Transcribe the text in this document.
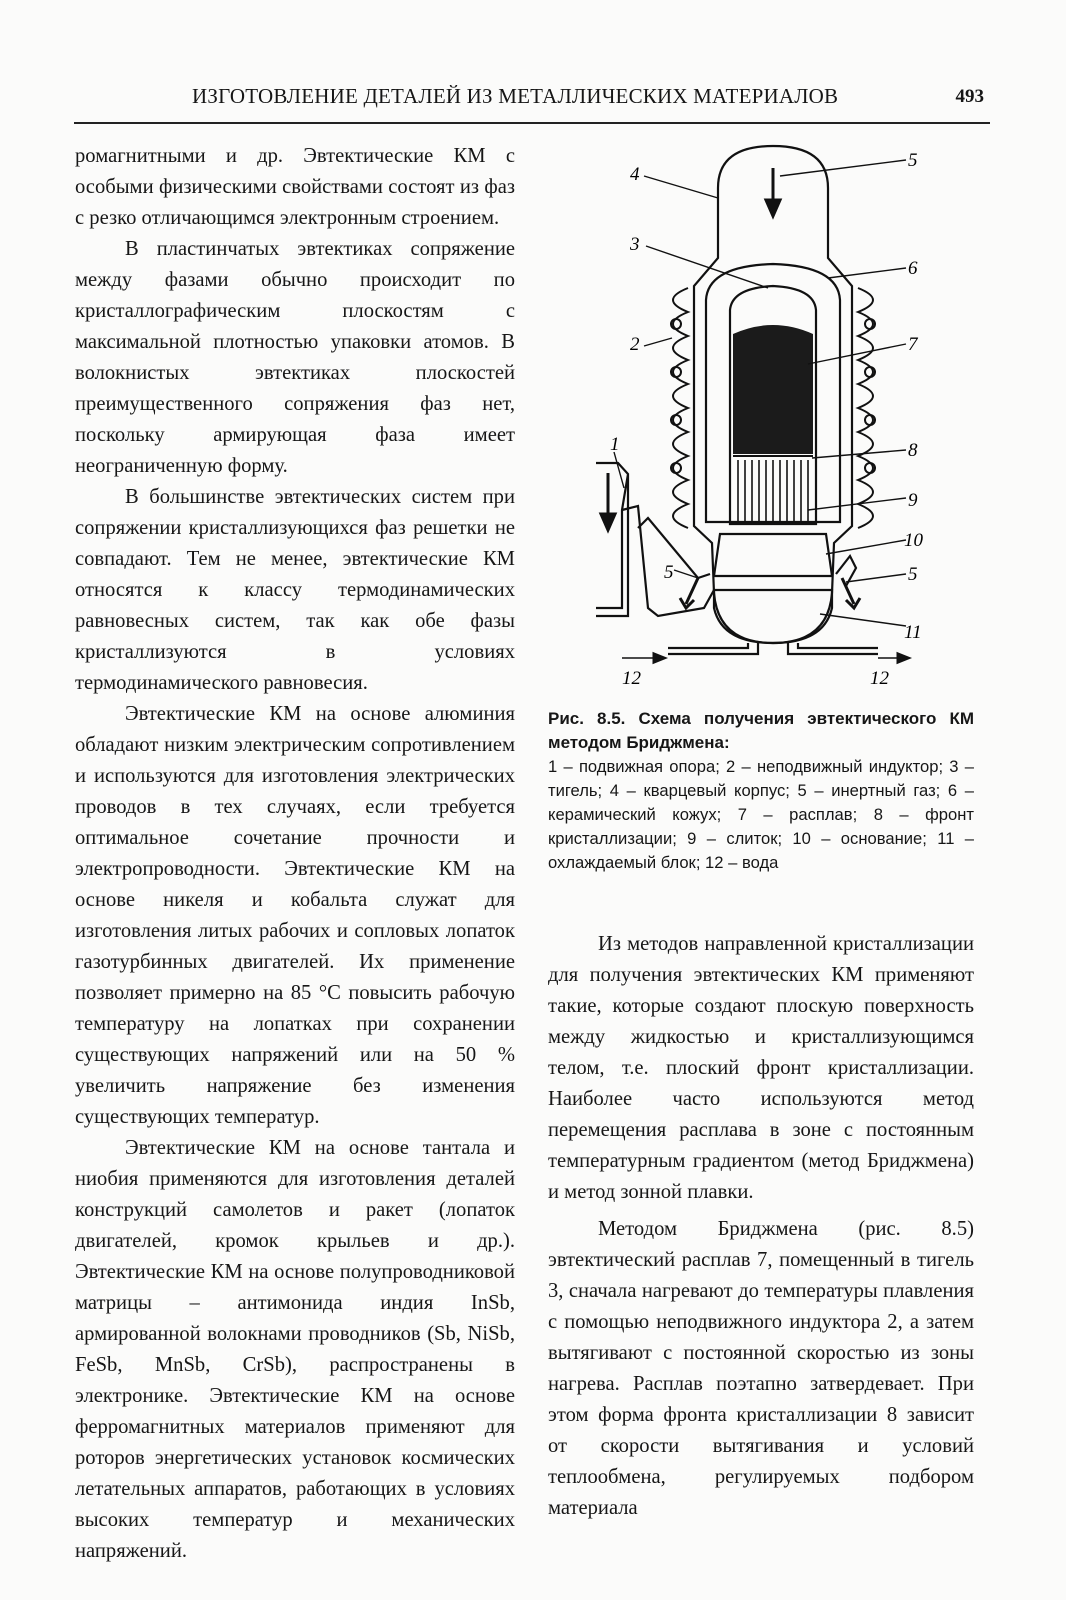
ИЗГОТОВЛЕНИЕ ДЕТАЛЕЙ ИЗ МЕТАЛЛИЧЕСКИХ МАТЕРИАЛОВ	493

ромагнитными и др. Эвтектические КМ с особыми физическими свойствами состоят из фаз с резко отличающимся электронным строением.

В пластинчатых эвтектиках сопряжение между фазами обычно происходит по кристаллографическим плоскостям с максимальной плотностью упаковки атомов. В волокнистых эвтектиках плоскостей преимущественного сопряжения фаз нет, поскольку армирующая фаза имеет неограниченную форму.

В большинстве эвтектических систем при сопряжении кристаллизующихся фаз решетки не совпадают. Тем не менее, эвтектические КМ относятся к классу термодинамических равновесных систем, так как обе фазы кристаллизуются в условиях термодинамического равновесия.

Эвтектические КМ на основе алюминия обладают низким электрическим сопротивлением и используются для изготовления электрических проводов в тех случаях, если требуется оптимальное сочетание прочности и электропроводности. Эвтектические КМ на основе никеля и кобальта служат для изготовления литых рабочих и сопловых лопаток газотурбинных двигателей. Их применение позволяет примерно на 85 °С повысить рабочую температуру на лопатках при сохранении существующих напряжений или на 50 % увеличить напряжение без изменения существующих температур.

Эвтектические КМ на основе тантала и ниобия применяются для изготовления деталей конструкций самолетов и ракет (лопаток двигателей, кромок крыльев и др.). Эвтектические КМ на основе полупроводниковой матрицы – антимонида индия InSb, армированной волокнами проводников (Sb, NiSb, FeSb, MnSb, CrSb), распространены в электронике. Эвтектические КМ на основе ферромагнитных материалов применяют для роторов энергетических установок космических летательных аппаратов, работающих в условиях высоких температур и механических напряжений.

4
5
3
6
2	7
1	8
9
10
5	5
11
12	12
Рис. 8.5. Схема получения эвтектического КМ методом Бриджмена:
1 – подвижная опора; 2 – неподвижный индуктор; 3 – тигель; 4 – кварцевый корпус; 5 – инертный газ; 6 – керамический кожух; 7 – расплав; 8 – фронт кристаллизации; 9 – слиток; 10 – основание; 11 – охлаждаемый блок; 12 – вода

Из методов направленной кристаллизации для получения эвтектических КМ применяют такие, которые создают плоскую поверхность между жидкостью и кристаллизующимся телом, т.е. плоский фронт кристаллизации. Наиболее часто используются метод перемещения расплава в зоне с постоянным температурным градиентом (метод Бриджмена) и метод зонной плавки.

Методом Бриджмена (рис. 8.5) эвтектический расплав 7, помещенный в тигель 3, сначала нагревают до температуры плавления с помощью неподвижного индуктора 2, а затем вытягивают с постоянной скоростью из зоны нагрева. Расплав поэтапно затвердевает. При этом форма фронта кристаллизации 8 зависит от скорости вытягивания и условий теплообмена, регулируемых подбором материала
